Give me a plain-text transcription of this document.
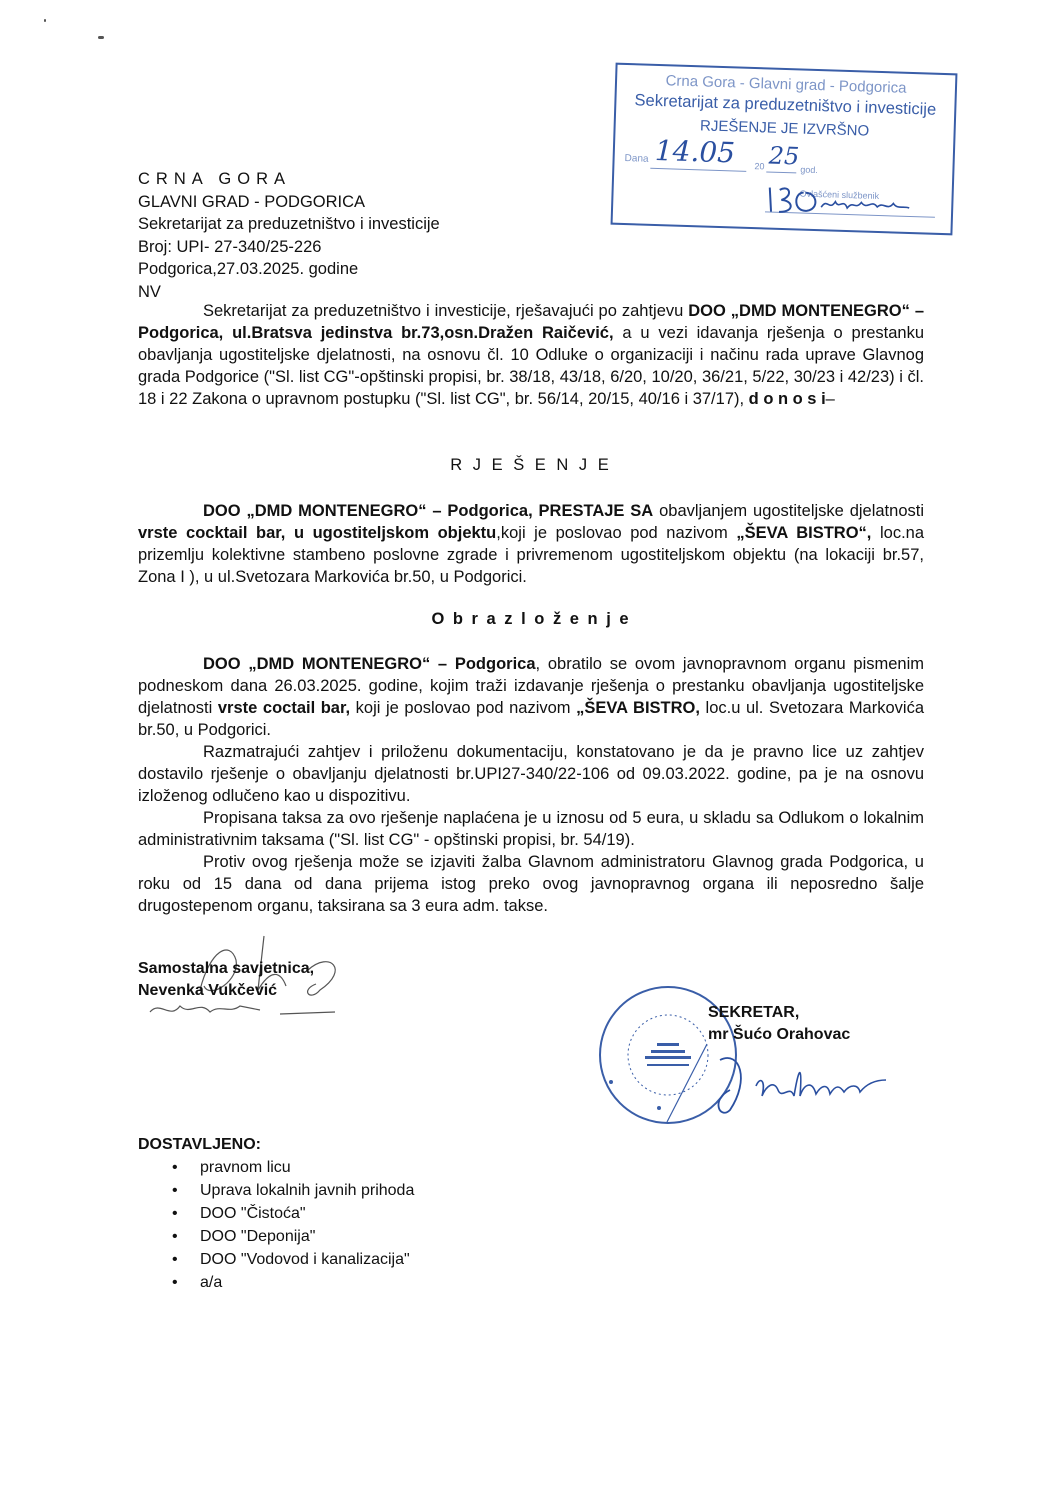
Crna Gora - Glavni grad - Podgorica
Sekretarijat za preduzetništvo i investicije
RJEŠENJE JE IZVRŠNO
Dana 14.05 20 25 god.
Ovlašćeni službenik
CRNA GORA
GLAVNI GRAD - PODGORICA
Sekretarijat za preduzetništvo i investicije
Broj: UPI- 27-340/25-226
Podgorica,27.03.2025. godine
NV

Sekretarijat za preduzetništvo i investicije, rješavajući po zahtjevu DOO „DMD MONTENEGRO“ – Podgorica, ul.Bratsva jedinstva br.73,osn.Dražen Raičević, a u vezi idavanja rješenja o prestanku obavljanja ugostiteljske djelatnosti, na osnovu čl. 10 Odluke o organizaciji i načinu rada uprave Glavnog grada Podgorice ("Sl. list CG"-opštinski propisi, br. 38/18, 43/18, 6/20, 10/20, 36/21, 5/22, 30/23 i 42/23) i čl. 18 i 22 Zakona o upravnom postupku ("Sl. list CG", br. 56/14, 20/15, 40/16 i 37/17), d o n o s i–

R J E Š E N J E

DOO „DMD MONTENEGRO“ – Podgorica, PRESTAJE SA obavljanjem ugostiteljske djelatnosti vrste cocktail bar, u ugostiteljskom objektu,koji je poslovao pod nazivom „ŠEVA BISTRO“, loc.na prizemlju kolektivne stambeno poslovne zgrade i privremenom ugostiteljskom objektu (na lokaciji br.57, Zona I ), u ul.Svetozara Markovića br.50, u Podgorici.

O b r a z l o ž e n j e

DOO „DMD MONTENEGRO“ – Podgorica, obratilo se ovom javnopravnom organu pismenim podneskom dana 26.03.2025. godine, kojim traži izdavanje rješenja o prestanku obavljanja ugostiteljske djelatnosti vrste coctail bar, koji je poslovao pod nazivom „ŠEVA BISTRO, loc.u ul. Svetozara Markovića br.50, u Podgorici.

Razmatrajući zahtjev i priloženu dokumentaciju, konstatovano je da je pravno lice uz zahtjev dostavilo rješenje o obavljanju djelatnosti br.UPI27-340/22-106 od 09.03.2022. godine, pa je na osnovu izloženog odlučeno kao u dispozitivu.

Propisana taksa za ovo rješenje naplaćena je u iznosu od 5 eura, u skladu sa Odlukom o lokalnim administrativnim taksama ("Sl. list CG" - opštinski propisi, br. 54/19).

Protiv ovog rješenja može se izjaviti žalba Glavnom administratoru Glavnog grada Podgorica, u roku od 15 dana od dana prijema istog preko ovog javnopravnog organa ili neposredno šalje drugostepenom organu, taksirana sa 3 eura adm. takse.

Samostalna savjetnica,
Nevenka Vukčević
SEKRETAR,
mr Šućo Orahovac
DOSTAVLJENO:
• pravnom licu
• Uprava lokalnih javnih prihoda
• DOO "Čistoća"
• DOO "Deponija"
• DOO "Vodovod i kanalizacija"
• a/a
